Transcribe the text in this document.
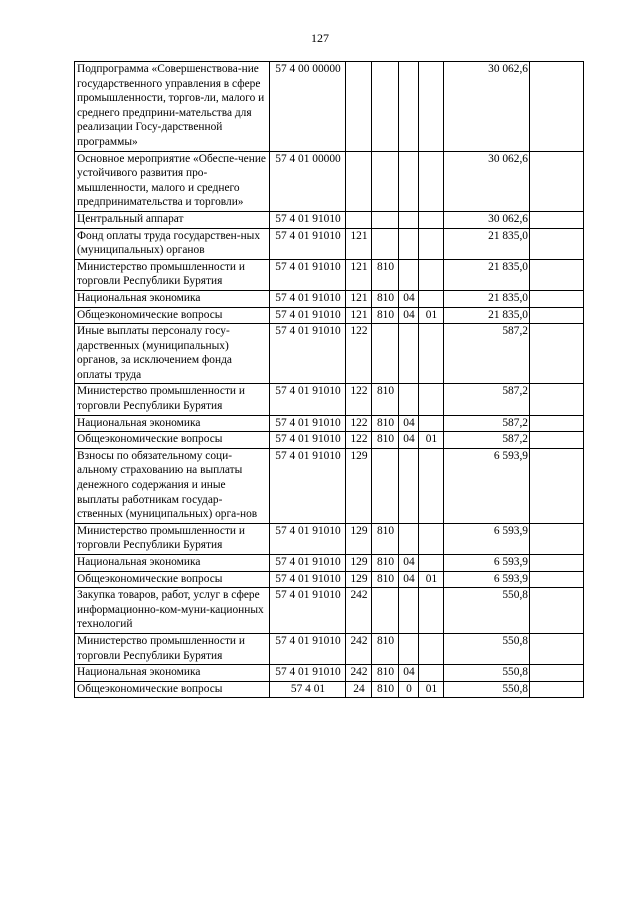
127
Подпрограмма «Совершенствова-ние государственного управления в сфере промышленности, торгов-ли, малого и среднего предприни-мательства для реализации Госу-дарственной программы»	57 4 00 00000					30 062,6	
Основное мероприятие «Обеспе-чение устойчивого развития про-мышленности, малого и среднего предпринимательства и торговли»	57 4 01 00000					30 062,6	
Центральный аппарат	57 4 01 91010					30 062,6	
Фонд оплаты труда государствен-ных (муниципальных) органов	57 4 01 91010	121				21 835,0	
Министерство промышленности и торговли Республики Бурятия	57 4 01 91010	121	810			21 835,0	
Национальная экономика	57 4 01 91010	121	810	04		21 835,0	
Общеэкономические вопросы	57 4 01 91010	121	810	04	01	21 835,0	
Иные выплаты персоналу госу-дарственных (муниципальных) органов, за исключением фонда оплаты труда	57 4 01 91010	122				587,2	
Министерство промышленности и торговли Республики Бурятия	57 4 01 91010	122	810			587,2	
Национальная экономика	57 4 01 91010	122	810	04		587,2	
Общеэкономические вопросы	57 4 01 91010	122	810	04	01	587,2	
Взносы по обязательному соци-альному страхованию на выплаты денежного содержания и иные выплаты работникам государ-ственных (муниципальных) орга-нов	57 4 01 91010	129				6 593,9	
Министерство промышленности и торговли Республики Бурятия	57 4 01 91010	129	810			6 593,9	
Национальная экономика	57 4 01 91010	129	810	04		6 593,9	
Общеэкономические вопросы	57 4 01 91010	129	810	04	01	6 593,9	
Закупка товаров, работ, услуг в сфере информационно-ком-муни-кационных технологий	57 4 01 91010	242				550,8	
Министерство промышленности и торговли Республики Бурятия	57 4 01 91010	242	810			550,8	
Национальная экономика	57 4 01 91010	242	810	04		550,8	
Общеэкономические вопросы	57 4 01	24	810	0	01	550,8	
